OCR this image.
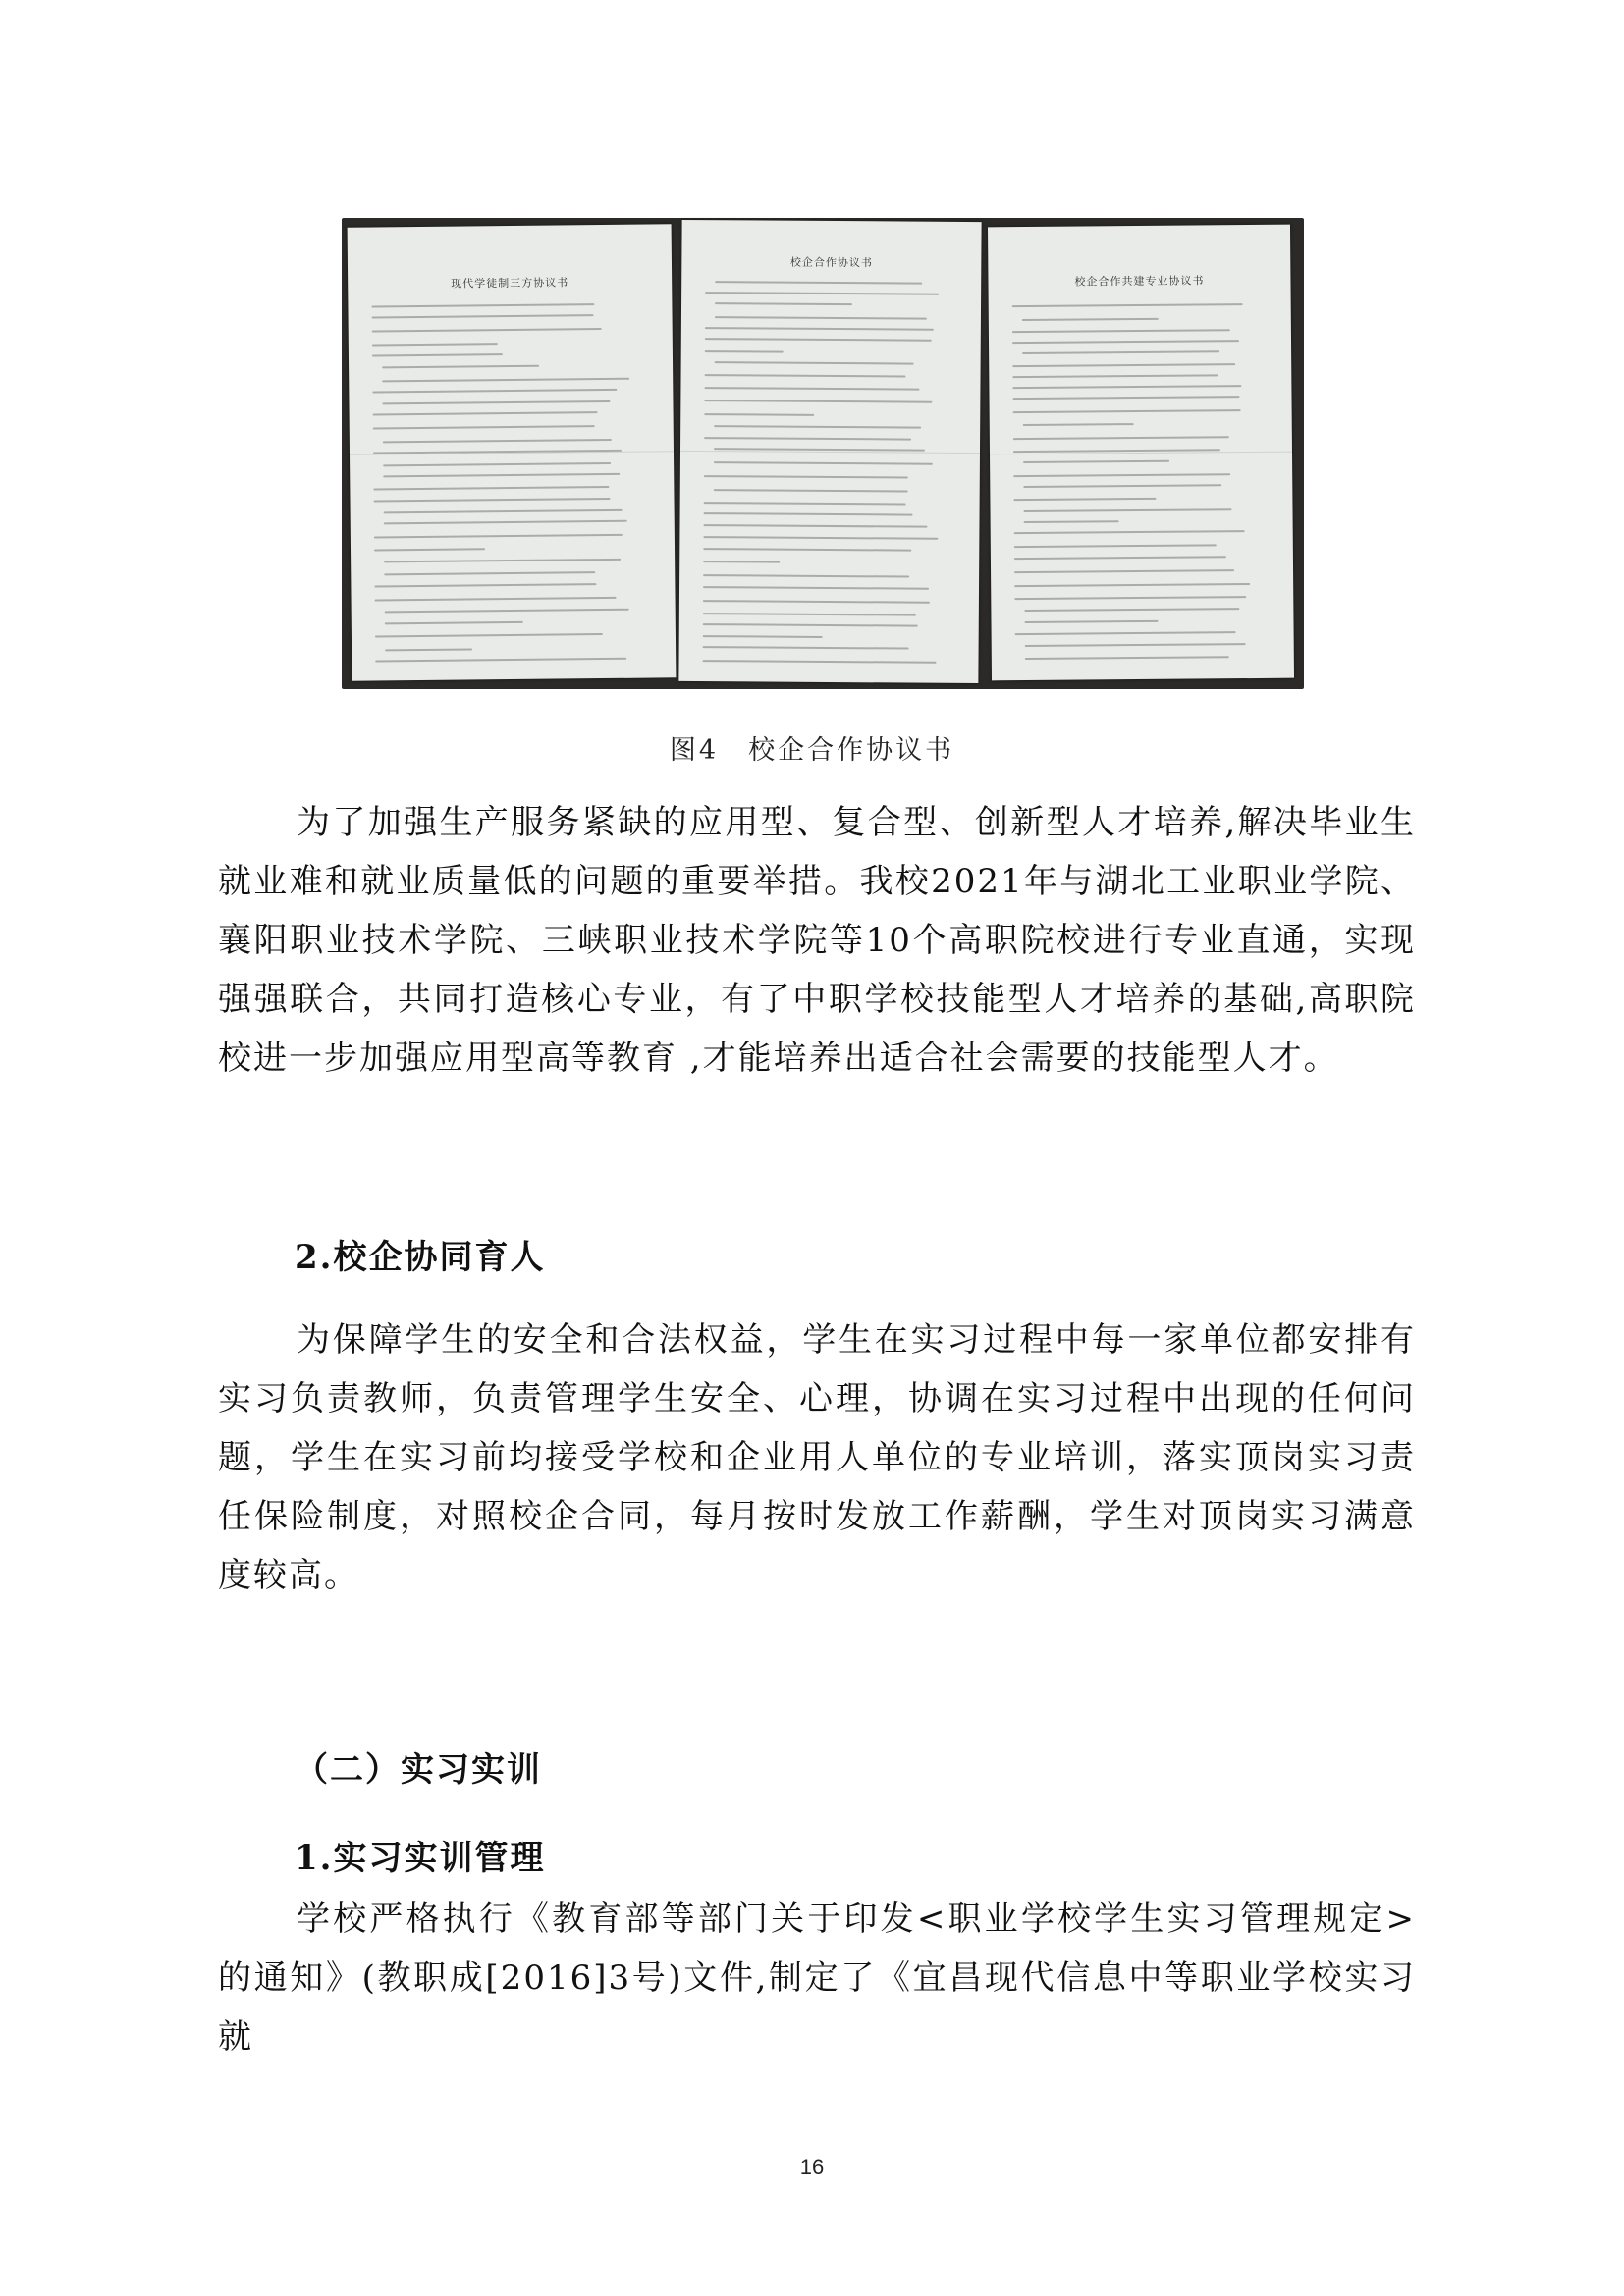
现代学徒制三方协议书
校企合作协议书
校企合作共建专业协议书
图4　校企合作协议书

为了加强生产服务紧缺的应用型、复合型、创新型人才培养,解决毕业生就业难和就业质量低的问题的重要举措。我校2021年与湖北工业职业学院、襄阳职业技术学院、三峡职业技术学院等10个高职院校进行专业直通，实现强强联合，共同打造核心专业，有了中职学校技能型人才培养的基础,高职院校进一步加强应用型高等教育 ,才能培养出适合社会需要的技能型人才。

2.校企协同育人

为保障学生的安全和合法权益，学生在实习过程中每一家单位都安排有实习负责教师，负责管理学生安全、心理，协调在实习过程中出现的任何问题，学生在实习前均接受学校和企业用人单位的专业培训，落实顶岗实习责任保险制度，对照校企合同，每月按时发放工作薪酬，学生对顶岗实习满意度较高。

（二）实习实训

1.实习实训管理

学校严格执行《教育部等部门关于印发<职业学校学生实习管理规定>的通知》(教职成[2016]3号)文件,制定了《宜昌现代信息中等职业学校实习就

16
